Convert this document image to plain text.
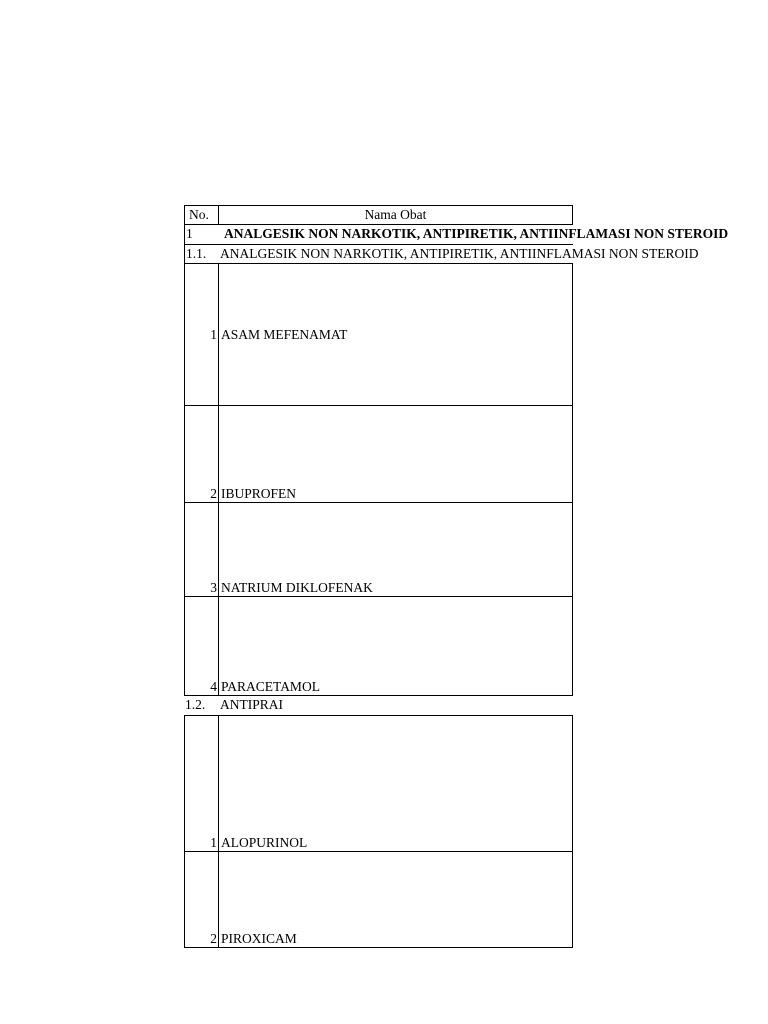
No.	Nama Obat
1	ANALGESIK NON NARKOTIK, ANTIPIRETIK, ANTIINFLAMASI NON STEROID
1.1.	ANALGESIK NON NARKOTIK, ANTIPIRETIK, ANTIINFLAMASI NON STEROID
1 ASAM MEFENAMAT
2 IBUPROFEN
3 NATRIUM DIKLOFENAK
4 PARACETAMOL
1.2.	ANTIPRAI
1 ALOPURINOL
2 PIROXICAM
